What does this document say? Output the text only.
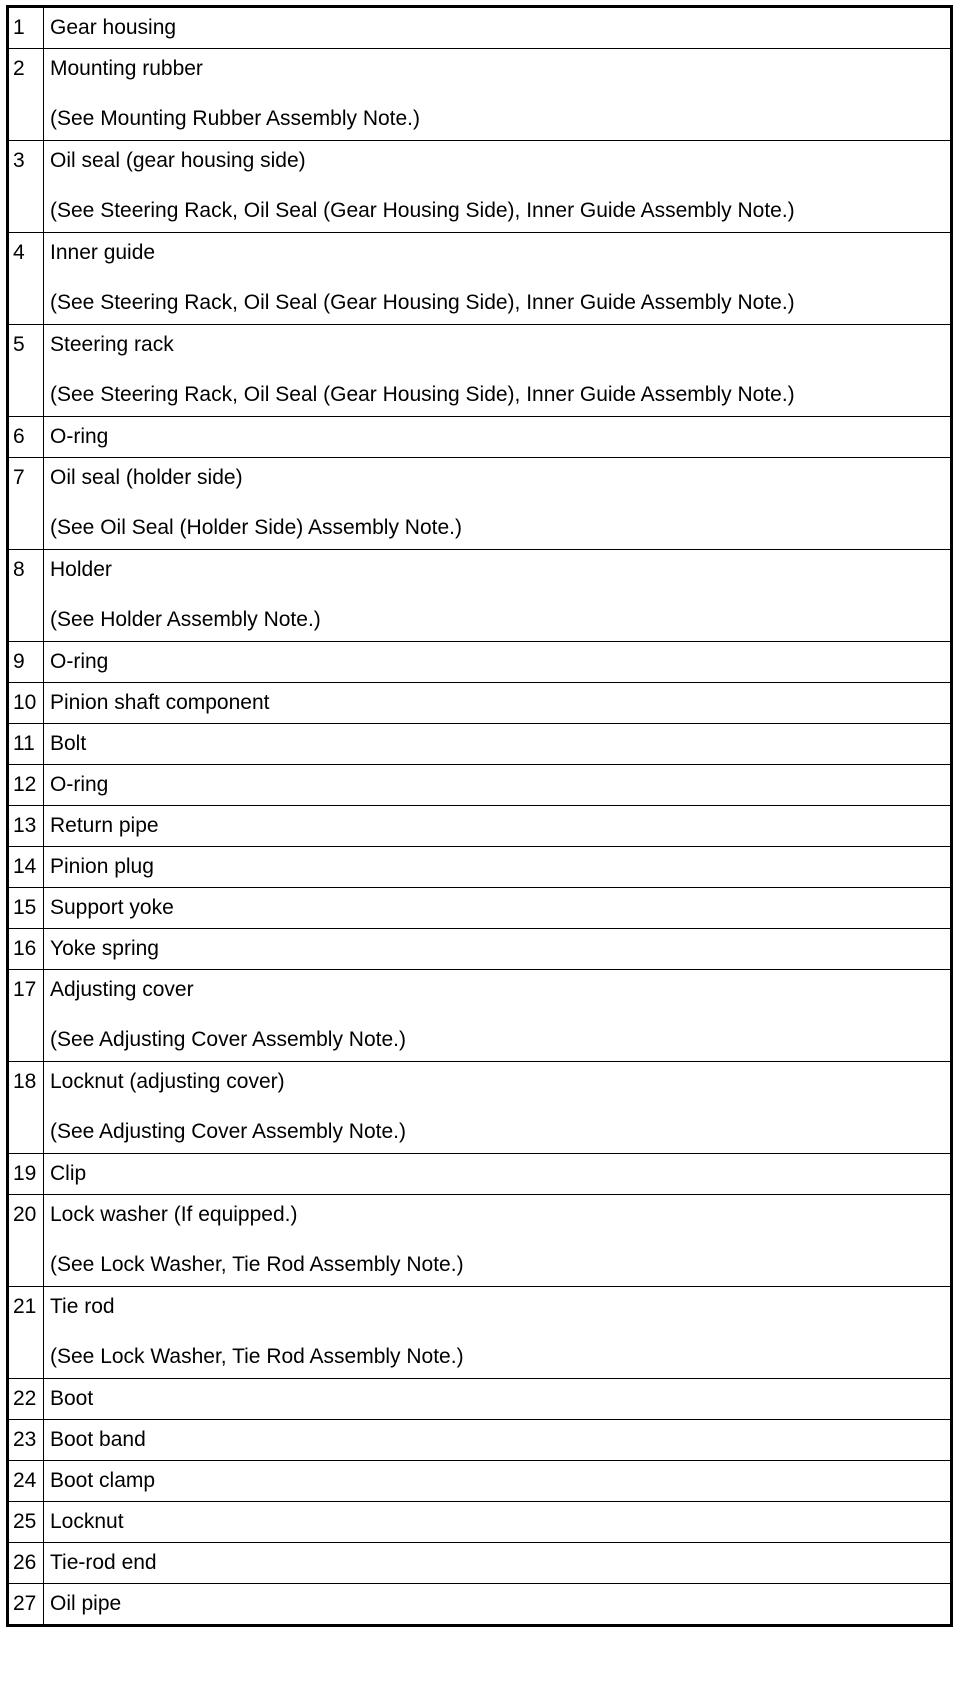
1	Gear housing

2	Mounting rubber
(See Mounting Rubber Assembly Note.)

3	Oil seal (gear housing side)
(See Steering Rack, Oil Seal (Gear Housing Side), Inner Guide Assembly Note.)

4	Inner guide
(See Steering Rack, Oil Seal (Gear Housing Side), Inner Guide Assembly Note.)

5	Steering rack
(See Steering Rack, Oil Seal (Gear Housing Side), Inner Guide Assembly Note.)

6	O-ring

7	Oil seal (holder side)
(See Oil Seal (Holder Side) Assembly Note.)

8	Holder
(See Holder Assembly Note.)

9	O-ring

10	Pinion shaft component

11	Bolt

12	O-ring

13	Return pipe

14	Pinion plug

15	Support yoke

16	Yoke spring

17	Adjusting cover
(See Adjusting Cover Assembly Note.)

18	Locknut (adjusting cover)
(See Adjusting Cover Assembly Note.)

19	Clip

20	Lock washer (If equipped.)
(See Lock Washer, Tie Rod Assembly Note.)

21	Tie rod
(See Lock Washer, Tie Rod Assembly Note.)

22	Boot

23	Boot band

24	Boot clamp

25	Locknut

26	Tie-rod end

27	Oil pipe
